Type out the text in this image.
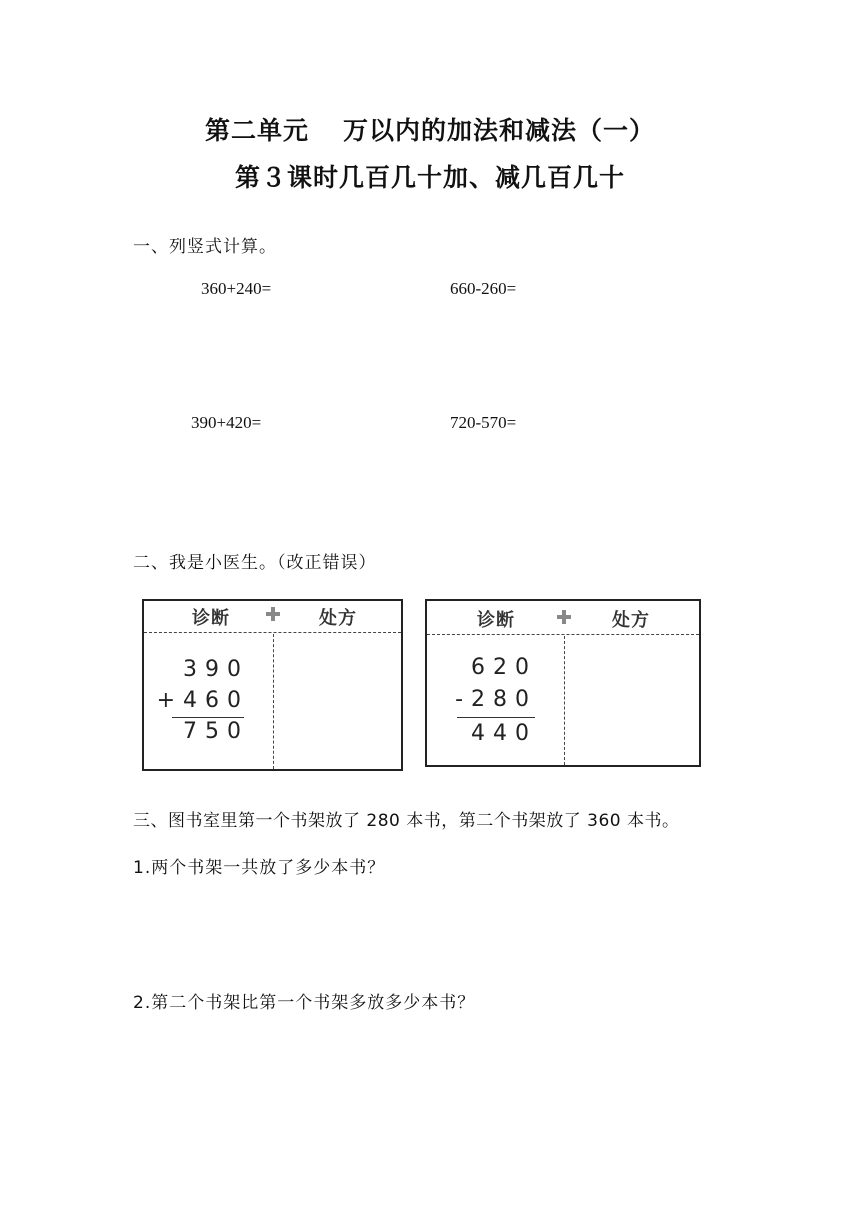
第二单元 万以内的加法和减法（一）
第３课时几百几十加、减几百几十
一、列竖式计算。
360+240=	660-260=
390+420=	720-570=
二、我是小医生。（改正错误）
诊断	处方
390
+460
750
诊断	处方
620
-280
440
三、图书室里第一个书架放了 280 本书，第二个书架放了 360 本书。
1.两个书架一共放了多少本书？
2.第二个书架比第一个书架多放多少本书？
